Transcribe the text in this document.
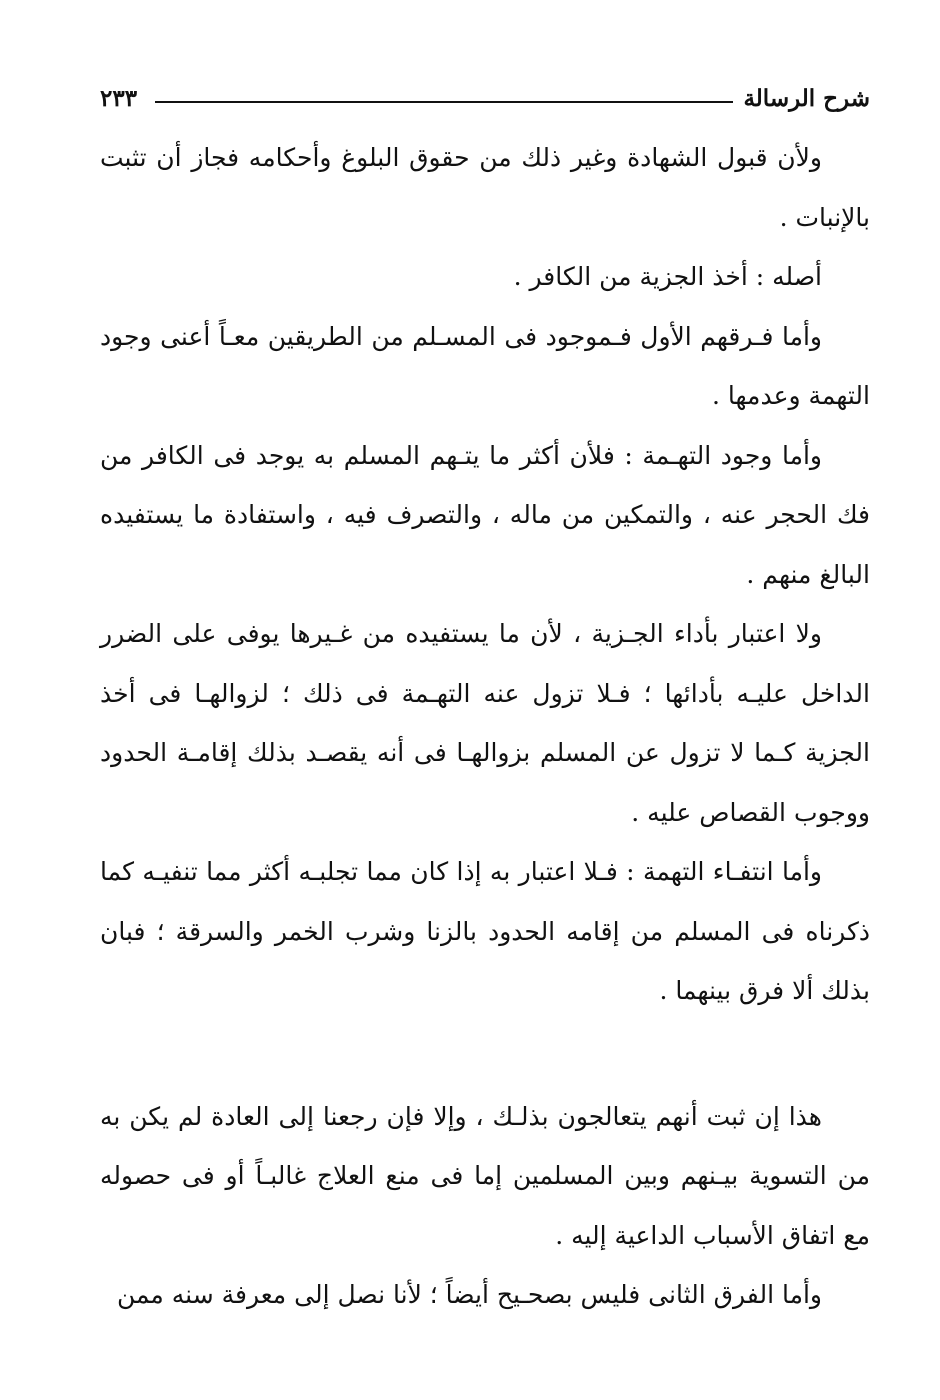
شرح الرسالة
٢٣٣

ولأن قبول الشهادة وغير ذلك من حقوق البلوغ وأحكامه فجاز أن تثبت بالإنبات .

أصله : أخذ الجزية من الكافر .

وأما فـرقهم الأول فـموجود فى المسـلم من الطريقين معـاً أعنى وجود التهمة وعدمها .

وأما وجود التهـمة : فلأن أكثر ما يتـهم المسلم به يوجد فى الكافر من فك الحجر عنه ، والتمكين من ماله ، والتصرف فيه ، واستفادة ما يستفيده البالغ منهم .

ولا اعتبار بأداء الجـزية ، لأن ما يستفيده من غـيرها يوفى على الضرر الداخل عليـه بأدائها ؛ فـلا تزول عنه التهـمة فى ذلك ؛ لزوالهـا فى أخذ الجزية كـما لا تزول عن المسلم بزوالهـا فى أنه يقصـد بذلك إقامـة الحدود ووجوب القصاص عليه .

وأما انتفـاء التهمة : فـلا اعتبار به إذا كان مما تجلبـه أكثر مما تنفيـه كما ذكرناه فى المسلم من إقامه الحدود بالزنا وشرب الخمر والسرقة ؛ فبان بذلك ألا فرق بينهما .

هذا إن ثبت أنهم يتعالجون بذلـك ، وإلا فإن رجعنا إلى العادة لم يكن به من التسوية بيـنهم وبين المسلمين إما فى منع العلاج غالبـاً أو فى حصوله مع اتفاق الأسباب الداعية إليه .

وأما الفرق الثانى فليس بصحـيح أيضاً ؛ لأنا نصل إلى معرفة سنه ممن
